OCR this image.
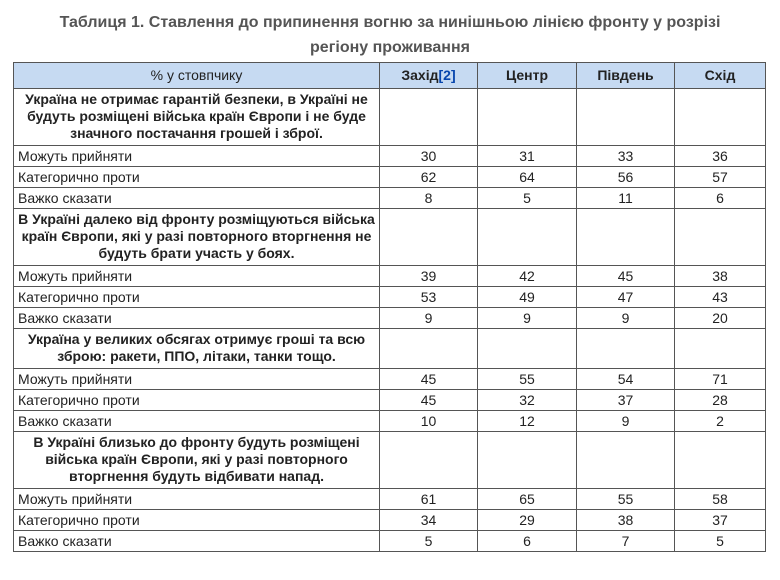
Таблиця 1. Ставлення до припинення вогню за нинішньою лінією фронту у розрізі регіону проживання
% у стовпчику	Захід[2]	Центр	Південь	Схід
Україна не отримає гарантій безпеки, в Україні не будуть розміщені війська країн Європи і не буде значного постачання грошей і зброї.				
Можуть прийняти	30	31	33	36
Категорично проти	62	64	56	57
Важко сказати	8	5	11	6
В Україні далеко від фронту розміщуються війська країн Європи, які у разі повторного вторгнення не будуть брати участь у боях.				
Можуть прийняти	39	42	45	38
Категорично проти	53	49	47	43
Важко сказати	9	9	9	20
Україна у великих обсягах отримує гроші та всю зброю: ракети, ППО, літаки, танки тощо.				
Можуть прийняти	45	55	54	71
Категорично проти	45	32	37	28
Важко сказати	10	12	9	2
В Україні близько до фронту будуть розміщені війська країн Європи, які у разі повторного вторгнення будуть відбивати напад.				
Можуть прийняти	61	65	55	58
Категорично проти	34	29	38	37
Важко сказати	5	6	7	5
